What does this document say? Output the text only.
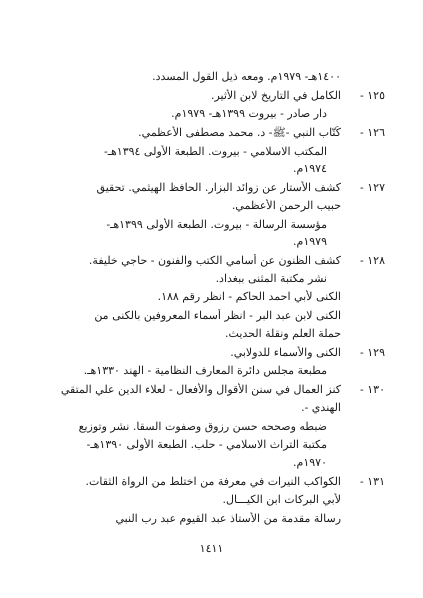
١٤٠٠هـ- ١٩٧٩م. ومعه ذيل القول المسدد.
١٢٥ -
الكامل في التاريخ لابن الأثير.
دار صادر - بيروت ١٣٩٩هـ- ١٩٧٩م.
١٢٦ -
كُتّاب النبي -ﷺ- د. محمد مصطفى الأعظمي.
المكتب الاسلامي - بيروت. الطبعة الأولى ١٣٩٤هـ-
١٩٧٤م.
١٢٧ -
كشف الأستار عن زوائد البزار. الحافظ الهيثمي. تحقيق
حبيب الرحمن الأعظمي.
مؤسسة الرسالة - بيروت. الطبعة الأولى ١٣٩٩هـ-
١٩٧٩م.
١٢٨ -
كشف الظنون عن أسامي الكتب والفنون - حاجي خليفة.
نشر مكتبة المثنى ببغداد.
الكنى لأبي احمد الحاكم - انظر رقم ١٨٨.
الكنى لابن عبد البر - انظر أسماء المعروفين بالكنى من
حملة العلم ونقلة الحديث.
١٢٩ -
الكنى والأسماء للدولابي.
مطبعة مجلس دائرة المعارف النظامية - الهند ١٣٣٠هـ.
١٣٠ -
كنز العمال في سنن الأقوال والأفعال - لعلاء الدين علي المتقي
الهندي -.
ضبطه وصححه حسن رزوق وصفوت السقا. نشر وتوزيع
مكتبة التراث الاسلامي - حلب. الطبعة الأولى ١٣٩٠هـ-
١٩٧٠م.
١٣١ -
الكواكب النيرات في معرفة من اختلط من الرواة الثقات.
لأبي البركات ابن الكيـــال.
رسالة مقدمة من الأستاذ عبد القيوم عبد رب النبي
١٤١١
